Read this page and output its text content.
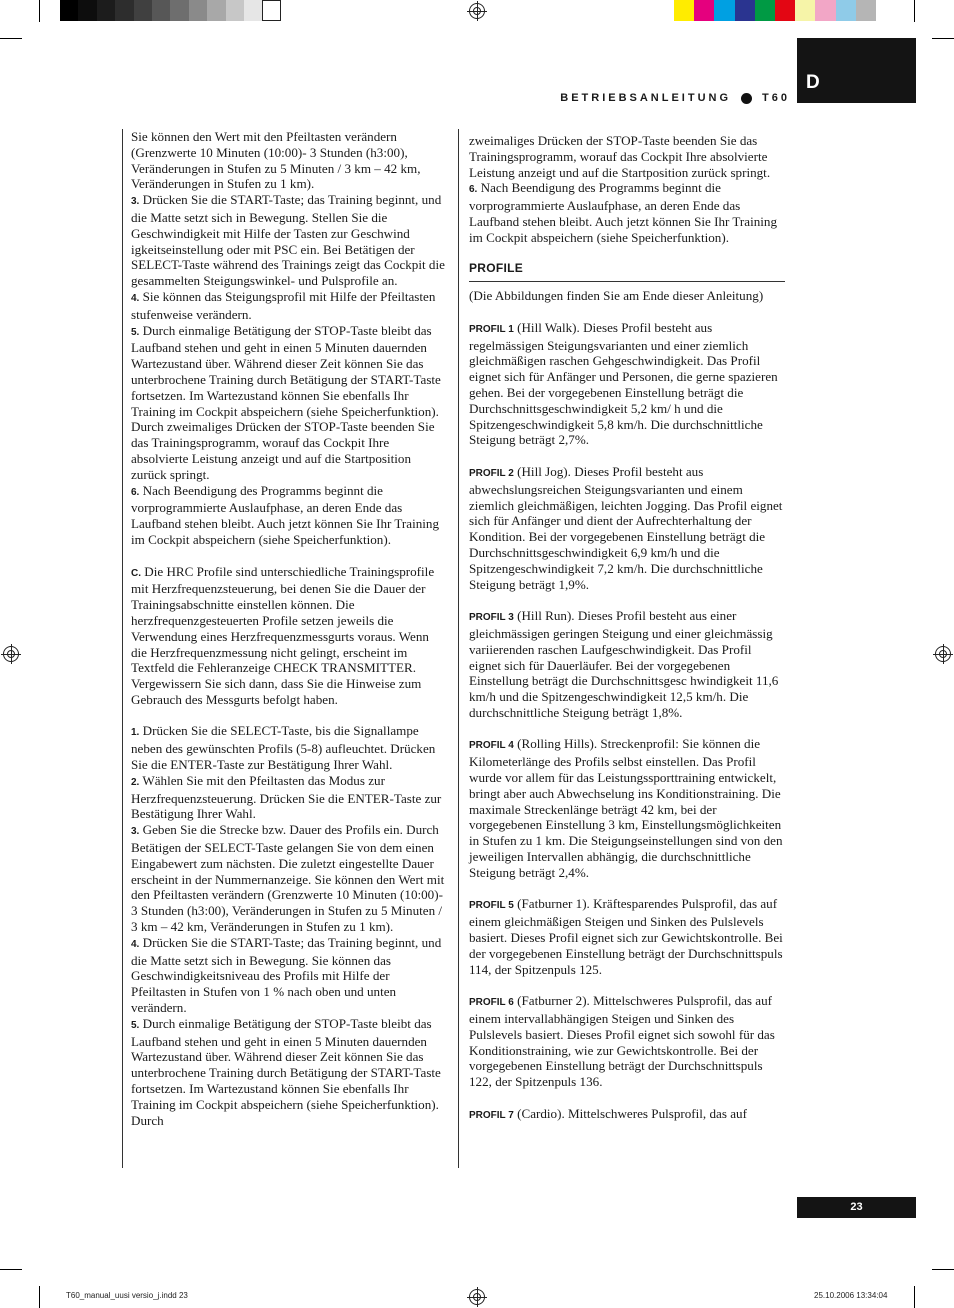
D
BETRIEBSANLEITUNG	T60

Sie können den Wert mit den Pfeiltasten verändern (Grenzwerte 10 Minuten (10:00)- 3 Stunden (h3:00), Veränderungen in Stufen zu 5 Minuten / 3 km – 42 km, Veränderungen in Stufen zu 1 km).

3. Drücken Sie die START-Taste; das Training beginnt, und die Matte setzt sich in Bewegung. Stellen Sie die Geschwindigkeit mit Hilfe der Tasten zur Geschwind igkeitseinstellung oder mit PSC ein. Bei Betätigen der SELECT-Taste während des Trainings zeigt das Cockpit die gesammelten Steigungswinkel- und Pulsprofile an.

4. Sie können das Steigungsprofil mit Hilfe der Pfeiltasten stufenweise verändern.

5. Durch einmalige Betätigung der STOP-Taste bleibt das Laufband stehen und geht in einen 5 Minuten dauernden Wartezustand über. Während dieser Zeit können Sie das unterbrochene Training durch Betätigung der START-Taste fortsetzen. Im Wartezustand können Sie ebenfalls Ihr Training im Cockpit abspeichern (siehe Speicherfunktion). Durch zweimaliges Drücken der STOP-Taste beenden Sie das Trainingsprogramm, worauf das Cockpit Ihre absolvierte Leistung anzeigt und auf die Startposition zurück springt.

6. Nach Beendigung des Programms beginnt die vorprogrammierte Auslaufphase, an deren Ende das Laufband stehen bleibt. Auch jetzt können Sie Ihr Training im Cockpit abspeichern (siehe Speicherfunktion).

C. Die HRC Profile sind unterschiedliche Trainingsprofile mit Herzfrequenzsteuerung, bei denen Sie die Dauer der Trainingsabschnitte einstellen können. Die herzfrequenzgesteuerten Profile setzen jeweils die Verwendung eines Herzfrequenzmessgurts voraus. Wenn die Herzfrequenzmessung nicht gelingt, erscheint im Textfeld die Fehleranzeige CHECK TRANSMITTER. Vergewissern Sie sich dann, dass Sie die Hinweise zum Gebrauch des Messgurts befolgt haben.

1. Drücken Sie die SELECT-Taste, bis die Signallampe neben des gewünschten Profils (5-8) aufleuchtet. Drücken Sie die ENTER-Taste zur Bestätigung Ihrer Wahl.

2. Wählen Sie mit den Pfeiltasten das Modus zur Herzfrequenzsteuerung. Drücken Sie die ENTER-Taste zur Bestätigung Ihrer Wahl.

3. Geben Sie die Strecke bzw. Dauer des Profils ein. Durch Betätigen der SELECT-Taste gelangen Sie von dem einen Eingabewert zum nächsten. Die zuletzt eingestellte Dauer erscheint in der Nummernanzeige. Sie können den Wert mit den Pfeiltasten verändern (Grenzwerte 10 Minuten (10:00)- 3 Stunden (h3:00), Veränderungen in Stufen zu 5 Minuten / 3 km – 42 km, Veränderungen in Stufen zu 1 km).

4. Drücken Sie die START-Taste; das Training beginnt, und die Matte setzt sich in Bewegung. Sie können das Geschwindigkeitsniveau des Profils mit Hilfe der Pfeiltasten in Stufen von 1 % nach oben und unten verändern.

5. Durch einmalige Betätigung der STOP-Taste bleibt das Laufband stehen und geht in einen 5 Minuten dauernden Wartezustand über. Während dieser Zeit können Sie das unterbrochene Training durch Betätigung der START-Taste fortsetzen. Im Wartezustand können Sie ebenfalls Ihr Training im Cockpit abspeichern (siehe Speicherfunktion). Durch

zweimaliges Drücken der STOP-Taste beenden Sie das Trainingsprogramm, worauf das Cockpit Ihre absolvierte Leistung anzeigt und auf die Startposition zurück springt.

6. Nach Beendigung des Programms beginnt die vorprogrammierte Auslaufphase, an deren Ende das Laufband stehen bleibt. Auch jetzt können Sie Ihr Training im Cockpit abspeichern (siehe Speicherfunktion).

PROFILE

(Die Abbildungen finden Sie am Ende dieser Anleitung)

PROFIL 1 (Hill Walk). Dieses Profil besteht aus regelmässigen Steigungsvarianten und einer ziemlich gleichmäßigen raschen Gehgeschwindigkeit. Das Profil eignet sich für Anfänger und Personen, die gerne spazieren gehen. Bei der vorgegebenen Einstellung beträgt die Durchschnittsgeschwindigkeit 5,2 km/ h und die Spitzengeschwindigkeit 5,8 km/h. Die durchschnittliche Steigung beträgt 2,7%.

PROFIL 2 (Hill Jog). Dieses Profil besteht aus abwechslungsreichen Steigungsvarianten und einem ziemlich gleichmäßigen, leichten Jogging. Das Profil eignet sich für Anfänger und dient der Aufrechterhaltung der Kondition. Bei der vorgegebenen Einstellung beträgt die Durchschnittsgeschwindigkeit 6,9 km/h und die Spitzengeschwindigkeit 7,2 km/h. Die durchschnittliche Steigung beträgt 1,9%.

PROFIL 3 (Hill Run). Dieses Profil besteht aus einer gleichmässigen geringen Steigung und einer gleichmässig variierenden raschen Laufgeschwindigkeit. Das Profil eignet sich für Dauerläufer. Bei der vorgegebenen Einstellung beträgt die Durchschnittsgesc hwindigkeit 11,6 km/h und die Spitzengeschwindigkeit 12,5 km/h. Die durchschnittliche Steigung beträgt 1,8%.

PROFIL 4 (Rolling Hills). Streckenprofil: Sie können die Kilometerlänge des Profils selbst einstellen. Das Profil wurde vor allem für das Leistungssporttraining entwickelt, bringt aber auch Abwechselung ins Konditionstraining. Die maximale Streckenlänge beträgt 42 km, bei der vorgegebenen Einstellung 3 km, Einstellungsmöglichkeiten in Stufen zu 1 km. Die Steigungseinstellungen sind von den jeweiligen Intervallen abhängig, die durchschnittliche Steigung beträgt 2,4%.

PROFIL 5 (Fatburner 1). Kräftesparendes Pulsprofil, das auf einem gleichmäßigen Steigen und Sinken des Pulslevels basiert. Dieses Profil eignet sich zur Gewichtskontrolle. Bei der vorgegebenen Einstellung beträgt der Durchschnittspuls 114, der Spitzenpuls 125.

PROFIL 6 (Fatburner 2). Mittelschweres Pulsprofil, das auf einem intervallabhängigen Steigen und Sinken des Pulslevels basiert. Dieses Profil eignet sich sowohl für das Konditionstraining, wie zur Gewichtskontrolle. Bei der vorgegebenen Einstellung beträgt der Durchschnittspuls 122, der Spitzenpuls 136.

PROFIL 7 (Cardio). Mittelschweres Pulsprofil, das auf

23
T60_manual_uusi versio_j.indd 23	25.10.2006 13:34:04
